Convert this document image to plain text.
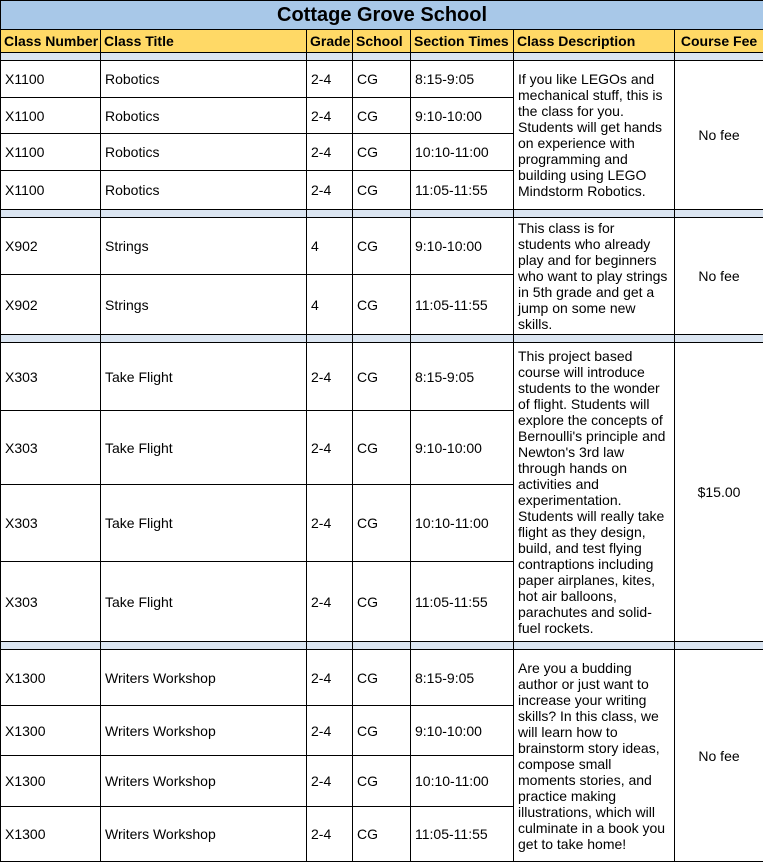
Cottage Grove School						
Class Number	Class Title	Grade	School	Section Times	Class Description	Course Fee

X1100	Robotics	2-4	CG	8:15-9:05	If you like LEGOs and mechanical stuff, this is the class for you. Students will get hands on experience with programming and building using LEGO Mindstorm Robotics.	No fee
X1100	Robotics	2-4	CG	9:10-10:00		
X1100	Robotics	2-4	CG	10:10-11:00		
X1100	Robotics	2-4	CG	11:05-11:55		

X902	Strings	4	CG	9:10-10:00	This class is for students who already play and for beginners who want to play strings in 5th grade and get a jump on some new skills.	No fee
X902	Strings	4	CG	11:05-11:55		

X303	Take Flight	2-4	CG	8:15-9:05	This project based course will introduce students to the wonder of flight. Students will explore the concepts of Bernoulli's principle and Newton's 3rd law through hands on activities and experimentation. Students will really take flight as they design, build, and test flying contraptions including paper airplanes, kites, hot air balloons, parachutes and solid-fuel rockets.	$15.00
X303	Take Flight	2-4	CG	9:10-10:00		
X303	Take Flight	2-4	CG	10:10-11:00		
X303	Take Flight	2-4	CG	11:05-11:55		

X1300	Writers Workshop	2-4	CG	8:15-9:05	Are you a budding author or just want to increase your writing skills? In this class, we will learn how to brainstorm story ideas, compose small moments stories, and practice making illustrations, which will culminate in a book you get to take home!	No fee
X1300	Writers Workshop	2-4	CG	9:10-10:00		
X1300	Writers Workshop	2-4	CG	10:10-11:00		
X1300	Writers Workshop	2-4	CG	11:05-11:55		
